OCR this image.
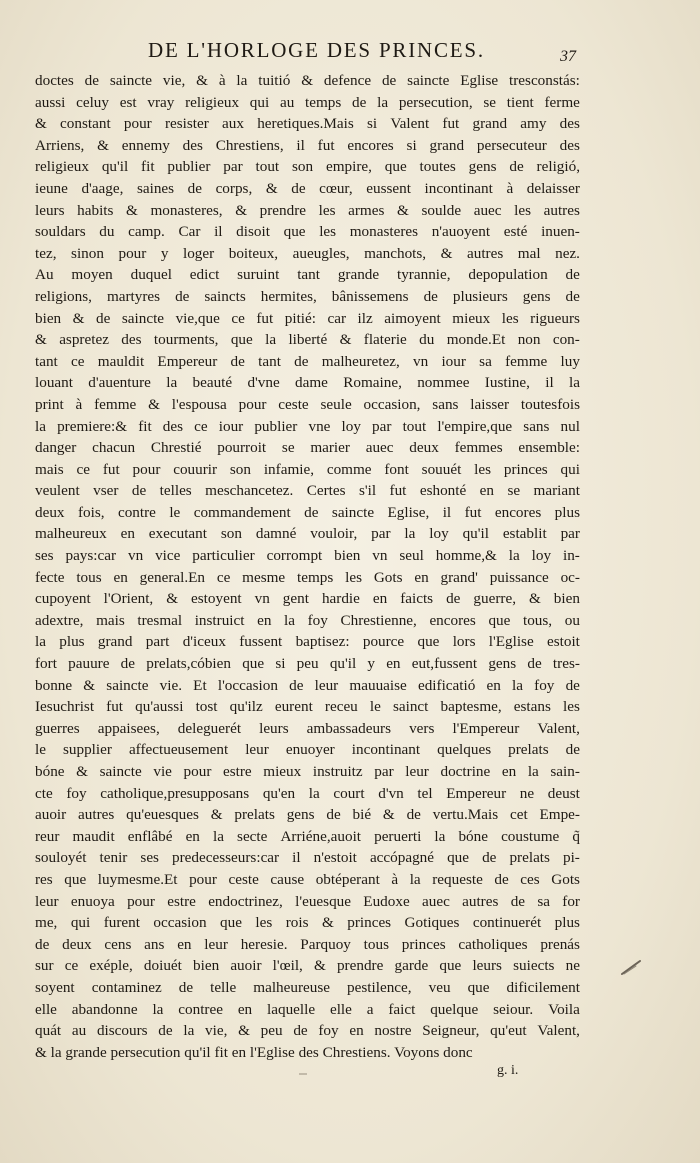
DE L'HORLOGE DES PRINCES.	37
doctes de saincte vie, & à la tuitió & defence de saincte Eglise tresconstás:
aussi celuy est vray religieux qui au temps de la persecution, se tient ferme
& constant pour resister aux heretiques.Mais si Valent fut grand amy des
Arriens, & ennemy des Chrestiens, il fut encores si grand persecuteur des
religieux qu'il fit publier par tout son empire, que toutes gens de religió,
ieune d'aage, saines de corps, & de cœur, eussent incontinant à delaisser
leurs habits & monasteres, & prendre les armes & soulde auec les autres
souldars du camp. Car il disoit que les monasteres n'auoyent esté inuen-
tez, sinon pour y loger boiteux, aueugles, manchots, & autres mal nez.
Au moyen duquel edict suruint tant grande tyrannie, depopulation de
religions, martyres de saincts hermites, bânissemens de plusieurs gens de
bien & de saincte vie,que ce fut pitié: car ilz aimoyent mieux les rigueurs
& aspretez des tourments, que la liberté & flaterie du monde.Et non con-
tant ce mauldit Empereur de tant de malheuretez, vn iour sa femme luy
louant d'auenture la beauté d'vne dame Romaine, nommee Iustine, il la
print à femme & l'espousa pour ceste seule occasion, sans laisser toutesfois
la premiere:& fit des ce iour publier vne loy par tout l'empire,que sans nul
danger chacun Chrestié pourroit se marier auec deux femmes ensemble:
mais ce fut pour couurir son infamie, comme font souuét les princes qui
veulent vser de telles meschancetez. Certes s'il fut eshonté en se mariant
deux fois, contre le commandement de saincte Eglise, il fut encores plus
malheureux en executant son damné vouloir, par la loy qu'il establit par
ses pays:car vn vice particulier corrompt bien vn seul homme,& la loy in-
fecte tous en general.En ce mesme temps les Gots en grand' puissance oc-
cupoyent l'Orient, & estoyent vn gent hardie en faicts de guerre, & bien
adextre, mais tresmal instruict en la foy Chrestienne, encores que tous, ou
la plus grand part d'iceux fussent baptisez: pource que lors l'Eglise estoit
fort pauure de prelats,cóbien que si peu qu'il y en eut,fussent gens de tres-
bonne & saincte vie. Et l'occasion de leur mauuaise edificatió en la foy de
Iesuchrist fut qu'aussi tost qu'ilz eurent receu le sainct baptesme, estans les
guerres appaisees, deleguerét leurs ambassadeurs vers l'Empereur Valent,
le supplier affectueusement leur enuoyer incontinant quelques prelats de
bóne & saincte vie pour estre mieux instruitz par leur doctrine en la sain-
cte foy catholique,presupposans qu'en la court d'vn tel Empereur ne deust
auoir autres qu'euesques & prelats gens de bié & de vertu.Mais cet Empe-
reur maudit enflâbé en la secte Arriéne,auoit peruerti la bóne coustume q̃
souloyét tenir ses predecesseurs:car il n'estoit accópagné que de prelats pi-
res que luymesme.Et pour ceste cause obtéperant à la requeste de ces Gots
leur enuoya pour estre endoctrinez, l'euesque Eudoxe auec autres de sa for
me, qui furent occasion que les rois & princes Gotiques continuerét plus
de deux cens ans en leur heresie. Parquoy tous princes catholiques prenás
sur ce exéple, doiuét bien auoir l'œil, & prendre garde que leurs suiects ne
soyent contaminez de telle malheureuse pestilence, veu que dificilement
elle abandonne la contree en laquelle elle a faict quelque seiour. Voila
quát au discours de la vie, & peu de foy en nostre Seigneur, qu'eut Valent,
& la grande persecution qu'il fit en l'Eglise des Chrestiens. Voyons donc
g. i.
